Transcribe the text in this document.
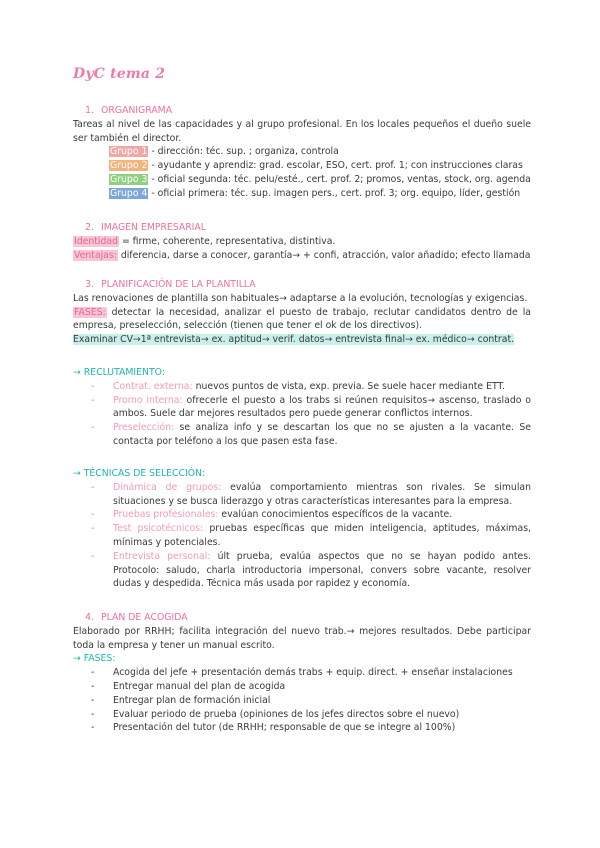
DyC tema 2
1. ORGANIGRAMA

Tareas al nivel de las capacidades y al grupo profesional. En los locales pequeños el dueño suele ser también el director.

Grupo 1 - dirección: téc. sup. ; organiza, controla
Grupo 2 - ayudante y aprendiz: grad. escolar, ESO, cert. prof. 1; con instrucciones claras
Grupo 3 - oficial segunda: téc. pelu/esté., cert. prof. 2; promos, ventas, stock, org. agenda
Grupo 4 - oficial primera: téc. sup. imagen pers., cert. prof. 3; org. equipo, líder, gestión
2. IMAGEN EMPRESARIAL
Identidad = firme, coherente, representativa, distintiva.
Ventajas: diferencia, darse a conocer, garantía→ + confi, atracción, valor añadido; efecto llamada
3. PLANIFICACIÓN DE LA PLANTILLA

Las renovaciones de plantilla son habituales→ adaptarse a la evolución, tecnologías y exigencias.

FASES: detectar la necesidad, analizar el puesto de trabajo, reclutar candidatos dentro de la empresa, preselección, selección (tienen que tener el ok de los directivos).

Examinar CV→1ª entrevista→ ex. aptitud→ verif. datos→ entrevista final→ ex. médico→ contrat.
→ RECLUTAMIENTO:
- Contrat. externa: nuevos puntos de vista, exp. previa. Se suele hacer mediante ETT.
- Promo interna: ofrecerle el puesto a los trabs si reúnen requisitos→ ascenso, traslado o ambos. Suele dar mejores resultados pero puede generar conflictos internos.
- Preselección: se analiza info y se descartan los que no se ajusten a la vacante. Se contacta por teléfono a los que pasen esta fase.
→ TÉCNICAS DE SELECCIÓN:
- Dinámica de grupos: evalúa comportamiento mientras son rivales. Se simulan situaciones y se busca liderazgo y otras características interesantes para la empresa.
- Pruebas profesionales: evalúan conocimientos específicos de la vacante.
- Test psicotécnicos: pruebas específicas que miden inteligencia, aptitudes, máximas, mínimas y potenciales.
- Entrevista personal: últ prueba, evalúa aspectos que no se hayan podido antes. Protocolo: saludo, charla introductoria impersonal, convers sobre vacante, resolver dudas y despedida. Técnica más usada por rapidez y economía.
4. PLAN DE ACOGIDA

Elaborado por RRHH; facilita integración del nuevo trab.→ mejores resultados. Debe participar toda la empresa y tener un manual escrito.

→ FASES:
- Acogida del jefe + presentación demás trabs + equip. direct. + enseñar instalaciones
- Entregar manual del plan de acogida
- Entregar plan de formación inicial
- Evaluar periodo de prueba (opiniones de los jefes directos sobre el nuevo)
- Presentación del tutor (de RRHH; responsable de que se integre al 100%)
